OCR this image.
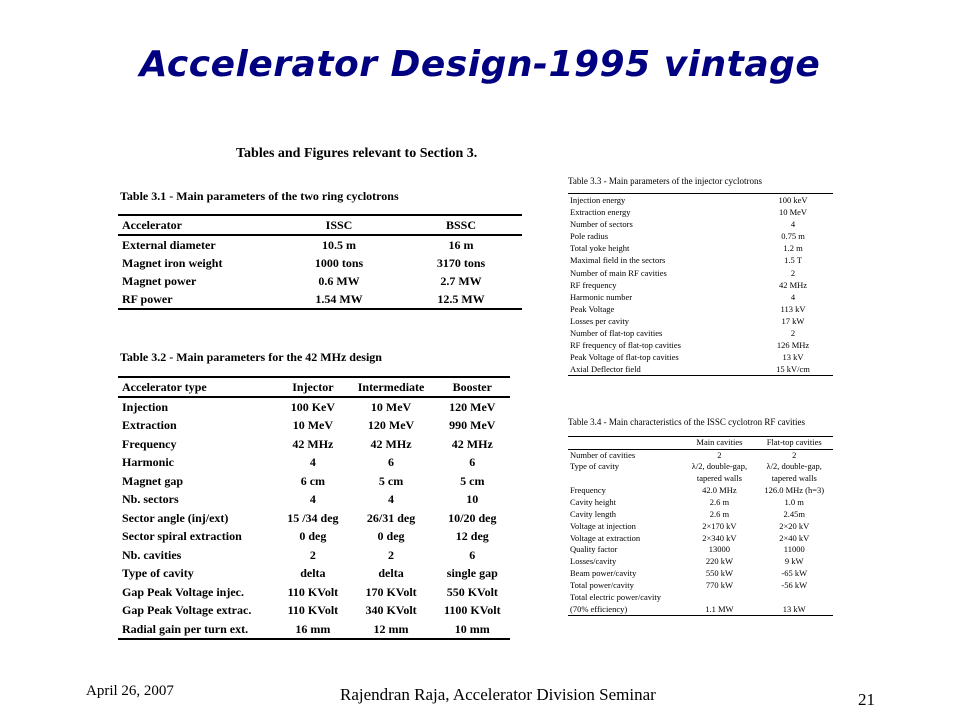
Accelerator Design-1995 vintage
Tables and Figures relevant to Section 3.
Table 3.1 - Main parameters of the two ring cyclotrons
Accelerator	ISSC	BSSC
External diameter	10.5 m	16 m
Magnet iron weight	1000 tons	3170 tons
Magnet power	0.6 MW	2.7 MW
RF power	1.54 MW	12.5 MW
Table 3.2 - Main parameters for the 42 MHz design
Accelerator type	Injector	Intermediate	Booster
Injection	100 KeV	10 MeV	120 MeV
Extraction	10 MeV	120 MeV	990 MeV
Frequency	42 MHz	42 MHz	42 MHz
Harmonic	4	6	6
Magnet gap	6 cm	5 cm	5 cm
Nb. sectors	4	4	10
Sector angle (inj/ext)	15 /34 deg	26/31 deg	10/20 deg
Sector spiral extraction	0 deg	0 deg	12 deg
Nb. cavities	2	2	6
Type of cavity	delta	delta	single gap
Gap Peak Voltage injec.	110 KVolt	170 KVolt	550 KVolt
Gap Peak Voltage extrac.	110 KVolt	340 KVolt	1100 KVolt
Radial gain per turn ext.	16 mm	12 mm	10 mm
Table 3.3 - Main parameters of the injector cyclotrons
Injection energy	100 keV
Extraction energy	10 MeV
Number of sectors	4
Pole radius	0.75 m
Total yoke height	1.2 m
Maximal field in the sectors	1.5 T
Number of main RF cavities	2
RF frequency	42 MHz
Harmonic number	4
Peak Voltage	113 kV
Losses per cavity	17 kW
Number of flat-top cavities	2
RF frequency of flat-top cavities	126 MHz
Peak Voltage of flat-top cavities	13 kV
Axial Deflector field	15 kV/cm
Table 3.4 - Main characteristics of the ISSC cyclotron RF cavities
	Main cavities	Flat-top cavities
Number of cavities	2	2
Type of cavity	λ/2, double-gap,	λ/2, double-gap,
	tapered walls	tapered walls
Frequency	42.0 MHz	126.0 MHz (h=3)
Cavity height	2.6 m	1.0 m
Cavity length	2.6 m	2.45m
Voltage at injection	2×170 kV	2×20 kV
Voltage at extraction	2×340 kV	2×40 kV
Quality factor	13000	11000
Losses/cavity	220 kW	9 kW
Beam power/cavity	550 kW	-65 kW
Total power/cavity	770 kW	-56 kW
Total electric power/cavity		
(70% efficiency)	1.1 MW	13 kW
April 26, 2007	Rajendran Raja, Accelerator Division Seminar	21
